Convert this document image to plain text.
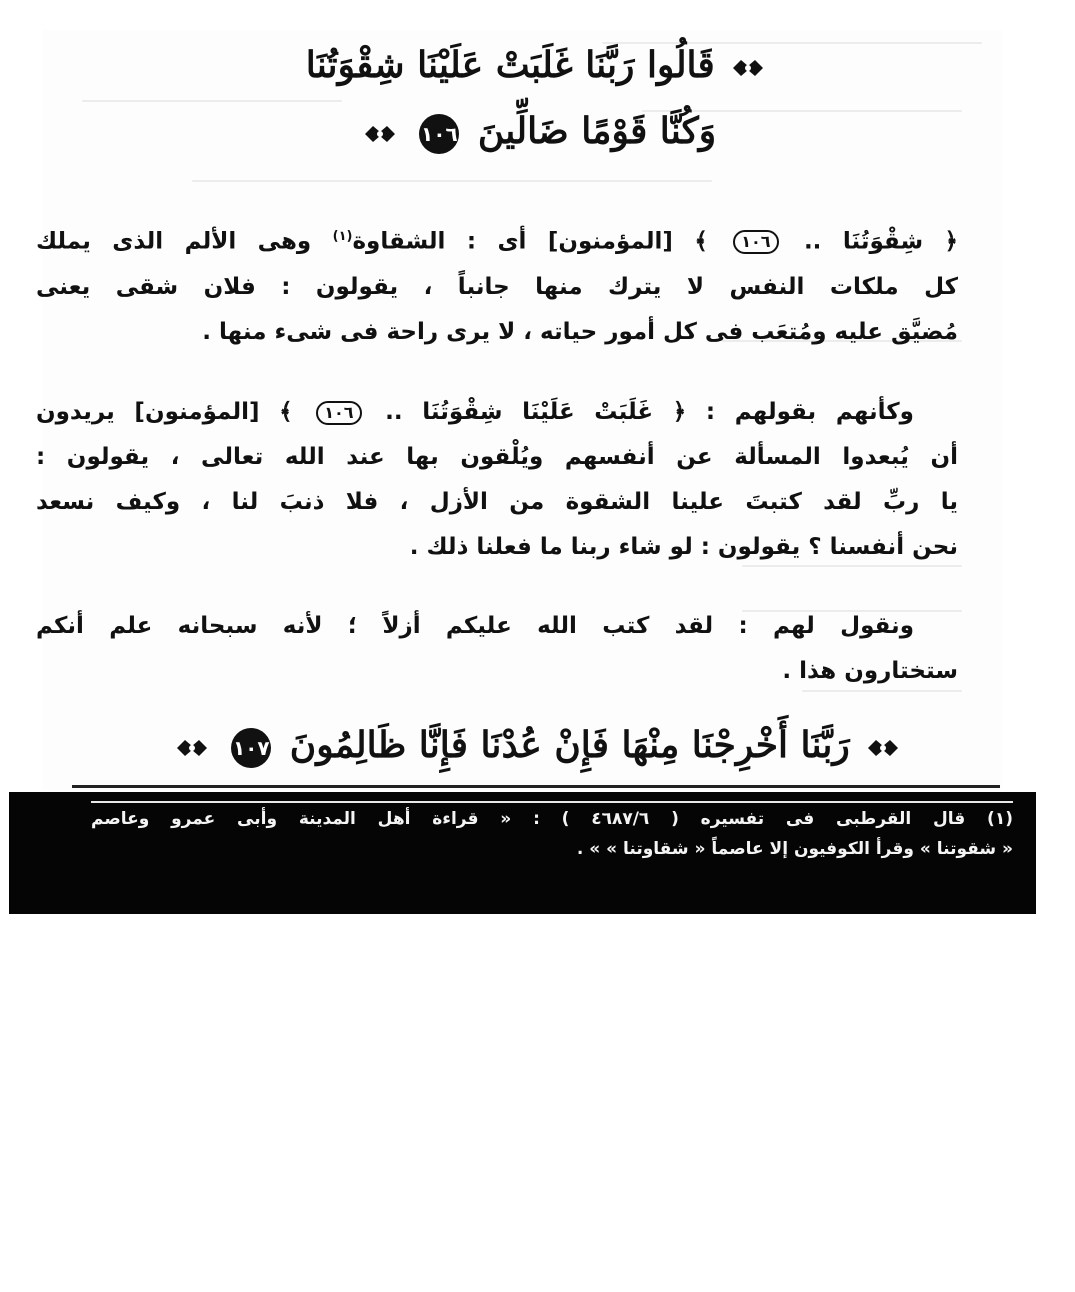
قَالُوا رَبَّنَا غَلَبَتْ عَلَيْنَا شِقْوَتُنَا
وَكُنَّا قَوْمًا ضَالِّينَ ١٠٦

﴿ شِقْوَتُنَا .. ١٠٦ ﴾ [المؤمنون] أى : الشقاوة$^{(١)}$ وهى الألم الذى يملك

كل ملكات النفس لا يترك منها جانباً ، يقولون : فلان شقى يعنى

مُضيَّق عليه ومُتعَب فى كل أمور حياته ، لا يرى راحة فى شىء منها .

وكأنهم بقولهم : ﴿ غَلَبَتْ عَلَيْنَا شِقْوَتُنَا .. ١٠٦ ﴾ [المؤمنون] يريدون

أن يُبعدوا المسألة عن أنفسهم ويُلْقون بها عند الله تعالى ، يقولون :

يا ربِّ لقد كتبتَ علينا الشقوة من الأزل ، فلا ذنبَ لنا ، وكيف نسعد

نحن أنفسنا ؟ يقولون : لو شاء ربنا ما فعلنا ذلك .

ونقول لهم : لقد كتب الله عليكم أزلاً ؛ لأنه سبحانه علم أنكم

ستختارون هذا .

رَبَّنَا أَخْرِجْنَا مِنْهَا فَإِنْ عُدْنَا فَإِنَّا ظَالِمُونَ ١٠٧

(١) قال القرطبى فى تفسيره ( ٤٦٨٧/٦ ) : « قراءة أهل المدينة وأبى عمرو وعاصم

« شقوتنا » وقرأ الكوفيون إلا عاصماً « شقاوتنا » » .
